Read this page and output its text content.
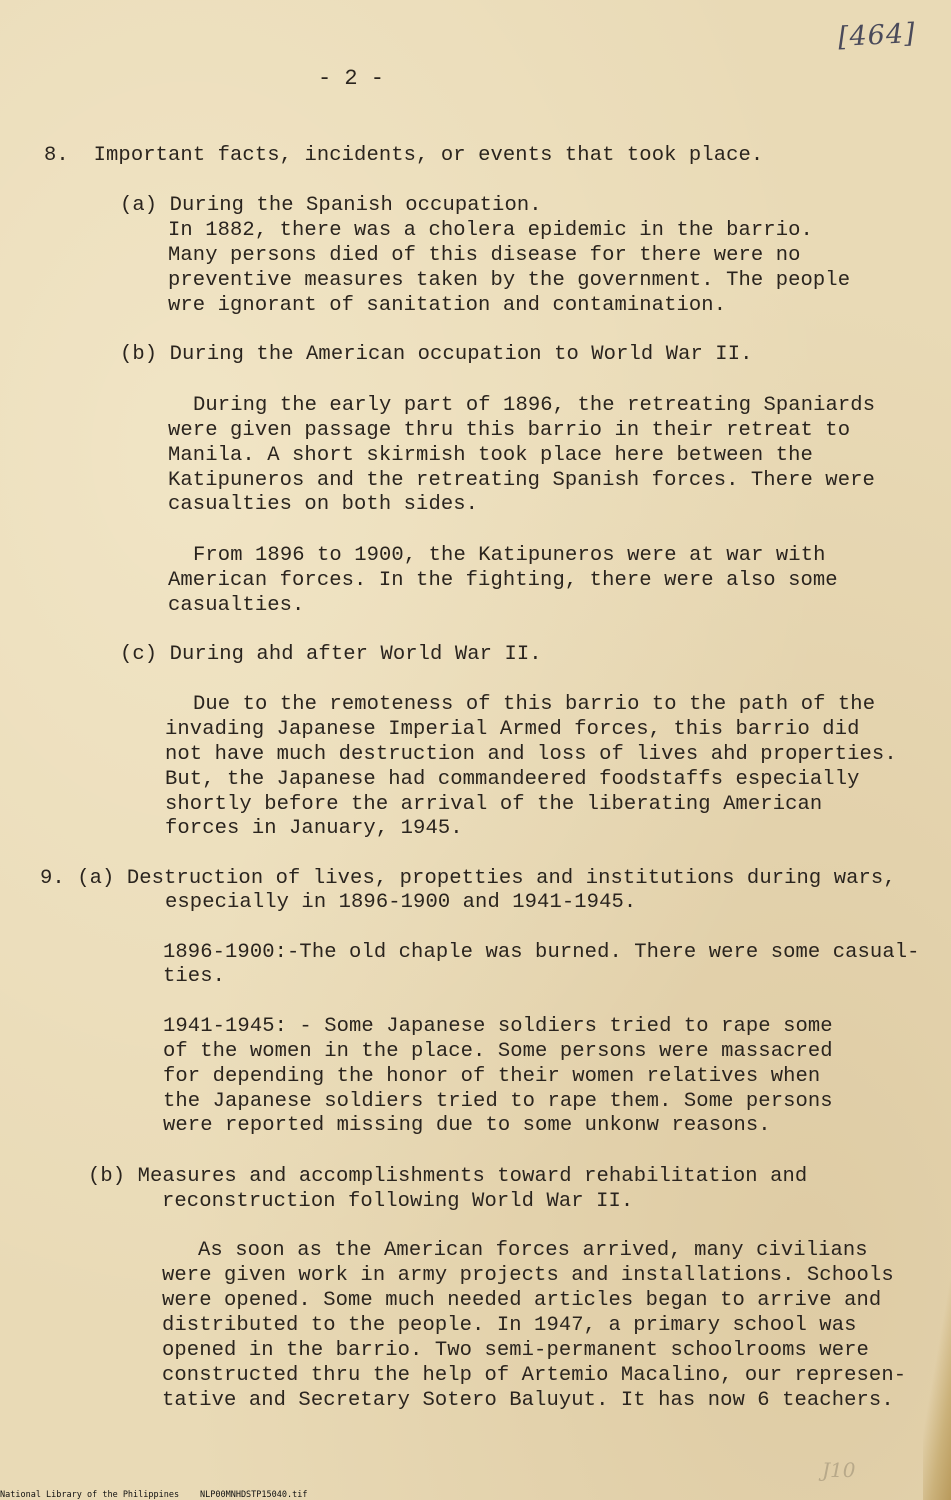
[464]
- 2 -
8.  Important facts, incidents, or events that took place.
(a) During the Spanish occupation.
In 1882, there was a cholera epidemic in the barrio.
Many persons died of this disease for there were no
preventive measures taken by the government. The people
wre ignorant of sanitation and contamination.
(b) During the American occupation to World War II.
During the early part of 1896, the retreating Spaniards
were given passage thru this barrio in their retreat to
Manila. A short skirmish took place here between the
Katipuneros and the retreating Spanish forces. There were
casualties on both sides.
From 1896 to 1900, the Katipuneros were at war with
American forces. In the fighting, there were also some
casualties.
(c) During ahd after World War II.
Due to the remoteness of this barrio to the path of the
invading Japanese Imperial Armed forces, this barrio did
not have much destruction and loss of lives ahd properties.
But, the Japanese had commandeered foodstaffs especially
shortly before the arrival of the liberating American
forces in January, 1945.
9. (a) Destruction of lives, propetties and institutions during wars,
especially in 1896-1900 and 1941-1945.
1896-1900:-The old chaple was burned. There were some casual-
ties.
1941-1945: - Some Japanese soldiers tried to rape some
of the women in the place. Some persons were massacred
for depending the honor of their women relatives when
the Japanese soldiers tried to rape them. Some persons
were reported missing due to some unkonw reasons.
(b) Measures and accomplishments toward rehabilitation and
reconstruction following World War II.
As soon as the American forces arrived, many civilians
were given work in army projects and installations. Schools
were opened. Some much needed articles began to arrive and
distributed to the people. In 1947, a primary school was
opened in the barrio. Two semi-permanent schoolrooms were
constructed thru the help of Artemio Macalino, our represen-
tative and Secretary Sotero Baluyut. It has now 6 teachers.
J10
National Library of the Philippines NLP00MNHDSTP15040.tif
